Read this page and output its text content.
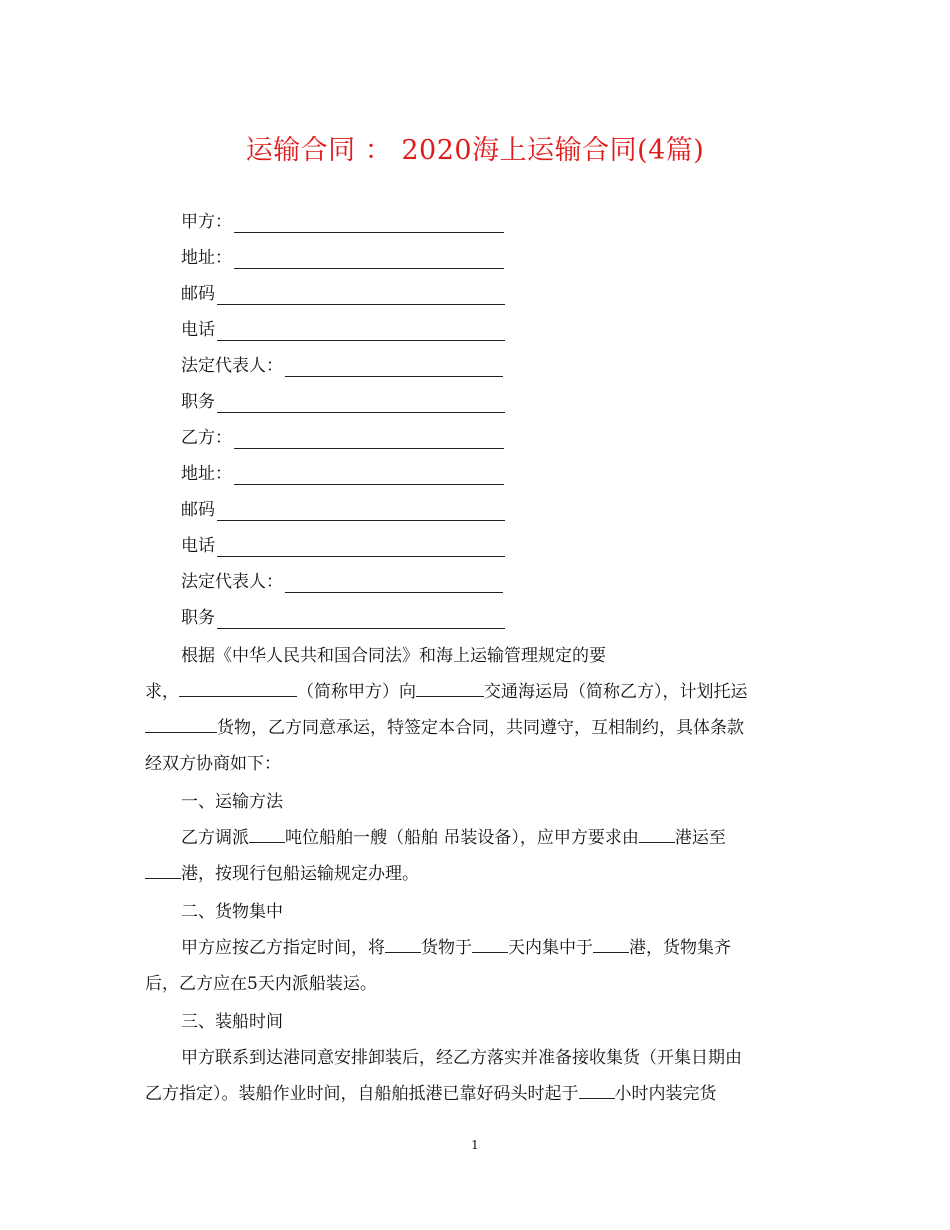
运输合同 ： 2020海上运输合同(4篇)
甲方：
地址：
邮码
电话
法定代表人：
职务
乙方：
地址：
邮码
电话
法定代表人：
职务
根据《中华人民共和国合同法》和海上运输管理规定的要
求，	（简称甲方）向	交通海运局（简称乙方），计划托运
货物，乙方同意承运，特签定本合同，共同遵守，互相制约，具体条款
经双方协商如下：
一、运输方法
乙方调派 吨位船舶一艘（船舶 吊装设备），应甲方要求由 港运至
港，按现行包船运输规定办理。
二、货物集中
甲方应按乙方指定时间，将 货物于 天内集中于 港，货物集齐
后，乙方应在5天内派船装运。
三、装船时间
甲方联系到达港同意安排卸装后，经乙方落实并准备接收集货（开集日期由
乙方指定）。装船作业时间，自船舶抵港已靠好码头时起于 小时内装完货
1
